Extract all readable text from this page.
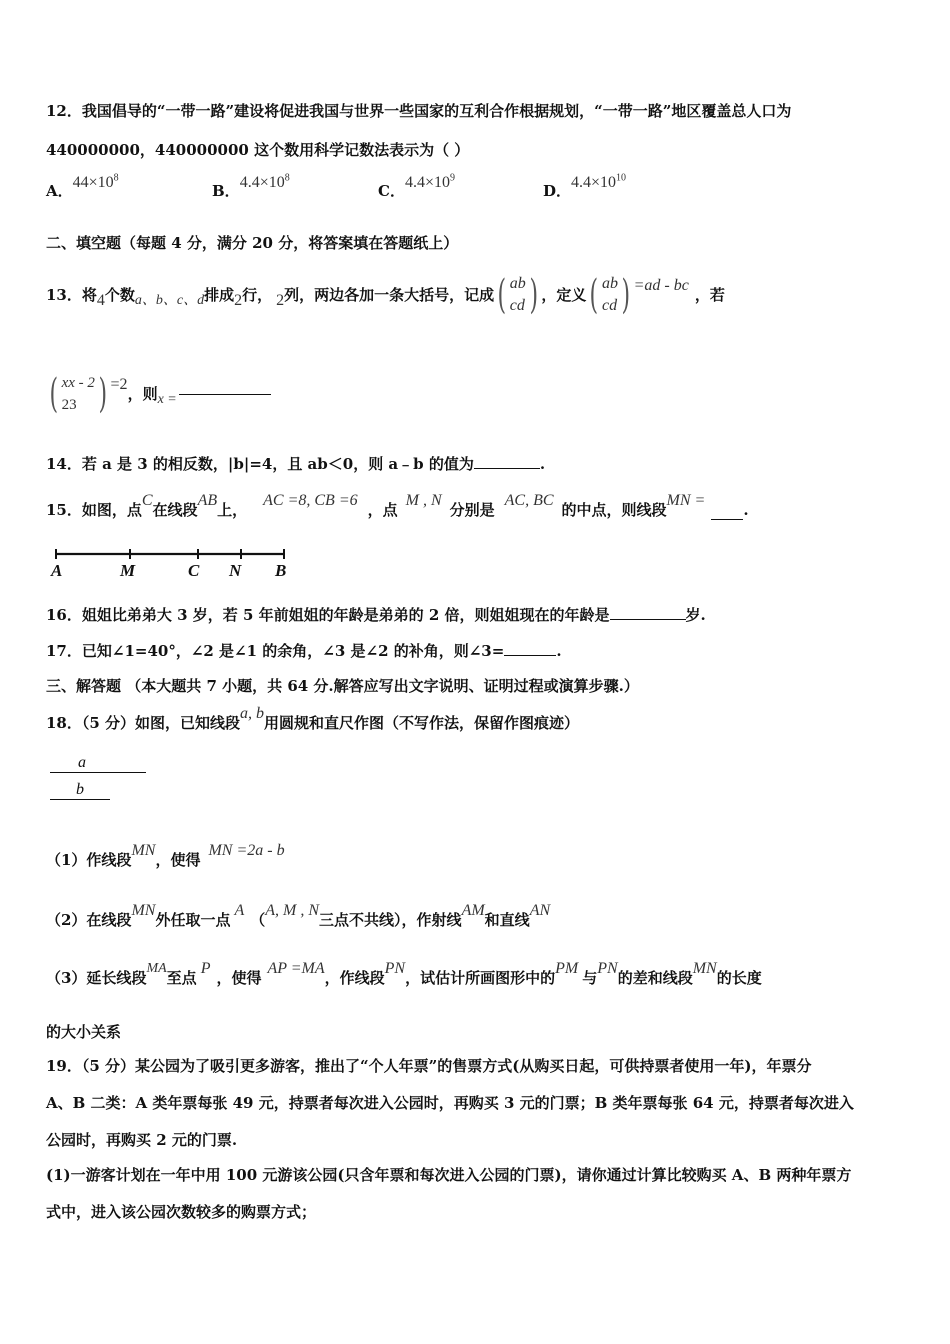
12．我国倡导的“一带一路”建设将促进我国与世界一些国家的互利合作根据规划，“一带一路”地区覆盖总人口为
440000000，440000000 这个数用科学记数法表示为（ ）
A．$44\times 10^8$
B．$4.4\times 10^8$
C．$4.4\times 10^9$
D．$4.4\times 10^{10}$
二、填空题（每题 4 分，满分 20 分，将答案填在答题纸上）
13．将 4 个数 a、b、c、d 排成 2 行， 2 列，两边各加一条大括号，记成 ( ab
cd ) ，定义 ( ab
cd ) =ad - bc
，若
( xx - 2
23 ) =2
，则 x =
14．若 a 是 3 的相反数，|b|=4，且 ab＜0，则 a﹣b 的值为	.
15．如图，点
C
在线段
AB
上，
AC =8, CB =6
，点
M , N
分别是
AC, BC
的中点，则线段
MN =
.
A	M	C N B
16．姐姐比弟弟大 3 岁，若 5 年前姐姐的年龄是弟弟的 2 倍，则姐姐现在的年龄是	岁.
17．已知∠1=40°，∠2 是∠1 的余角，∠3 是∠2 的补角，则∠3=	.
三、解答题 （本大题共 7 小题，共 64 分.解答应写出文字说明、证明过程或演算步骤.）
18．（5 分）如图，已知线段
a, b
用圆规和直尺作图（不写作法，保留作图痕迹）
a
b
（1）作线段
MN
，使得
MN =2a - b
（2）在线段
MN
外任取一点
A
（
A, M , N
三点不共线），作射线
AM
和直线
AN
（3）延长线段
MA
至点
P
，使得
AP =MA
，作线段
PN
，试估计所画图形中的
PM
与
PN
的差和线段
MN
的长度
的大小关系
19．（5 分）某公园为了吸引更多游客，推出了“个人年票”的售票方式(从购买日起，可供持票者使用一年)，年票分
A、B 二类：A 类年票每张 49 元，持票者每次进入公园时，再购买 3 元的门票；B 类年票每张 64 元，持票者每次进入
公园时，再购买 2 元的门票.
(1)一游客计划在一年中用 100 元游该公园(只含年票和每次进入公园的门票)，请你通过计算比较购买 A、B 两种年票方
式中，进入该公园次数较多的购票方式；
